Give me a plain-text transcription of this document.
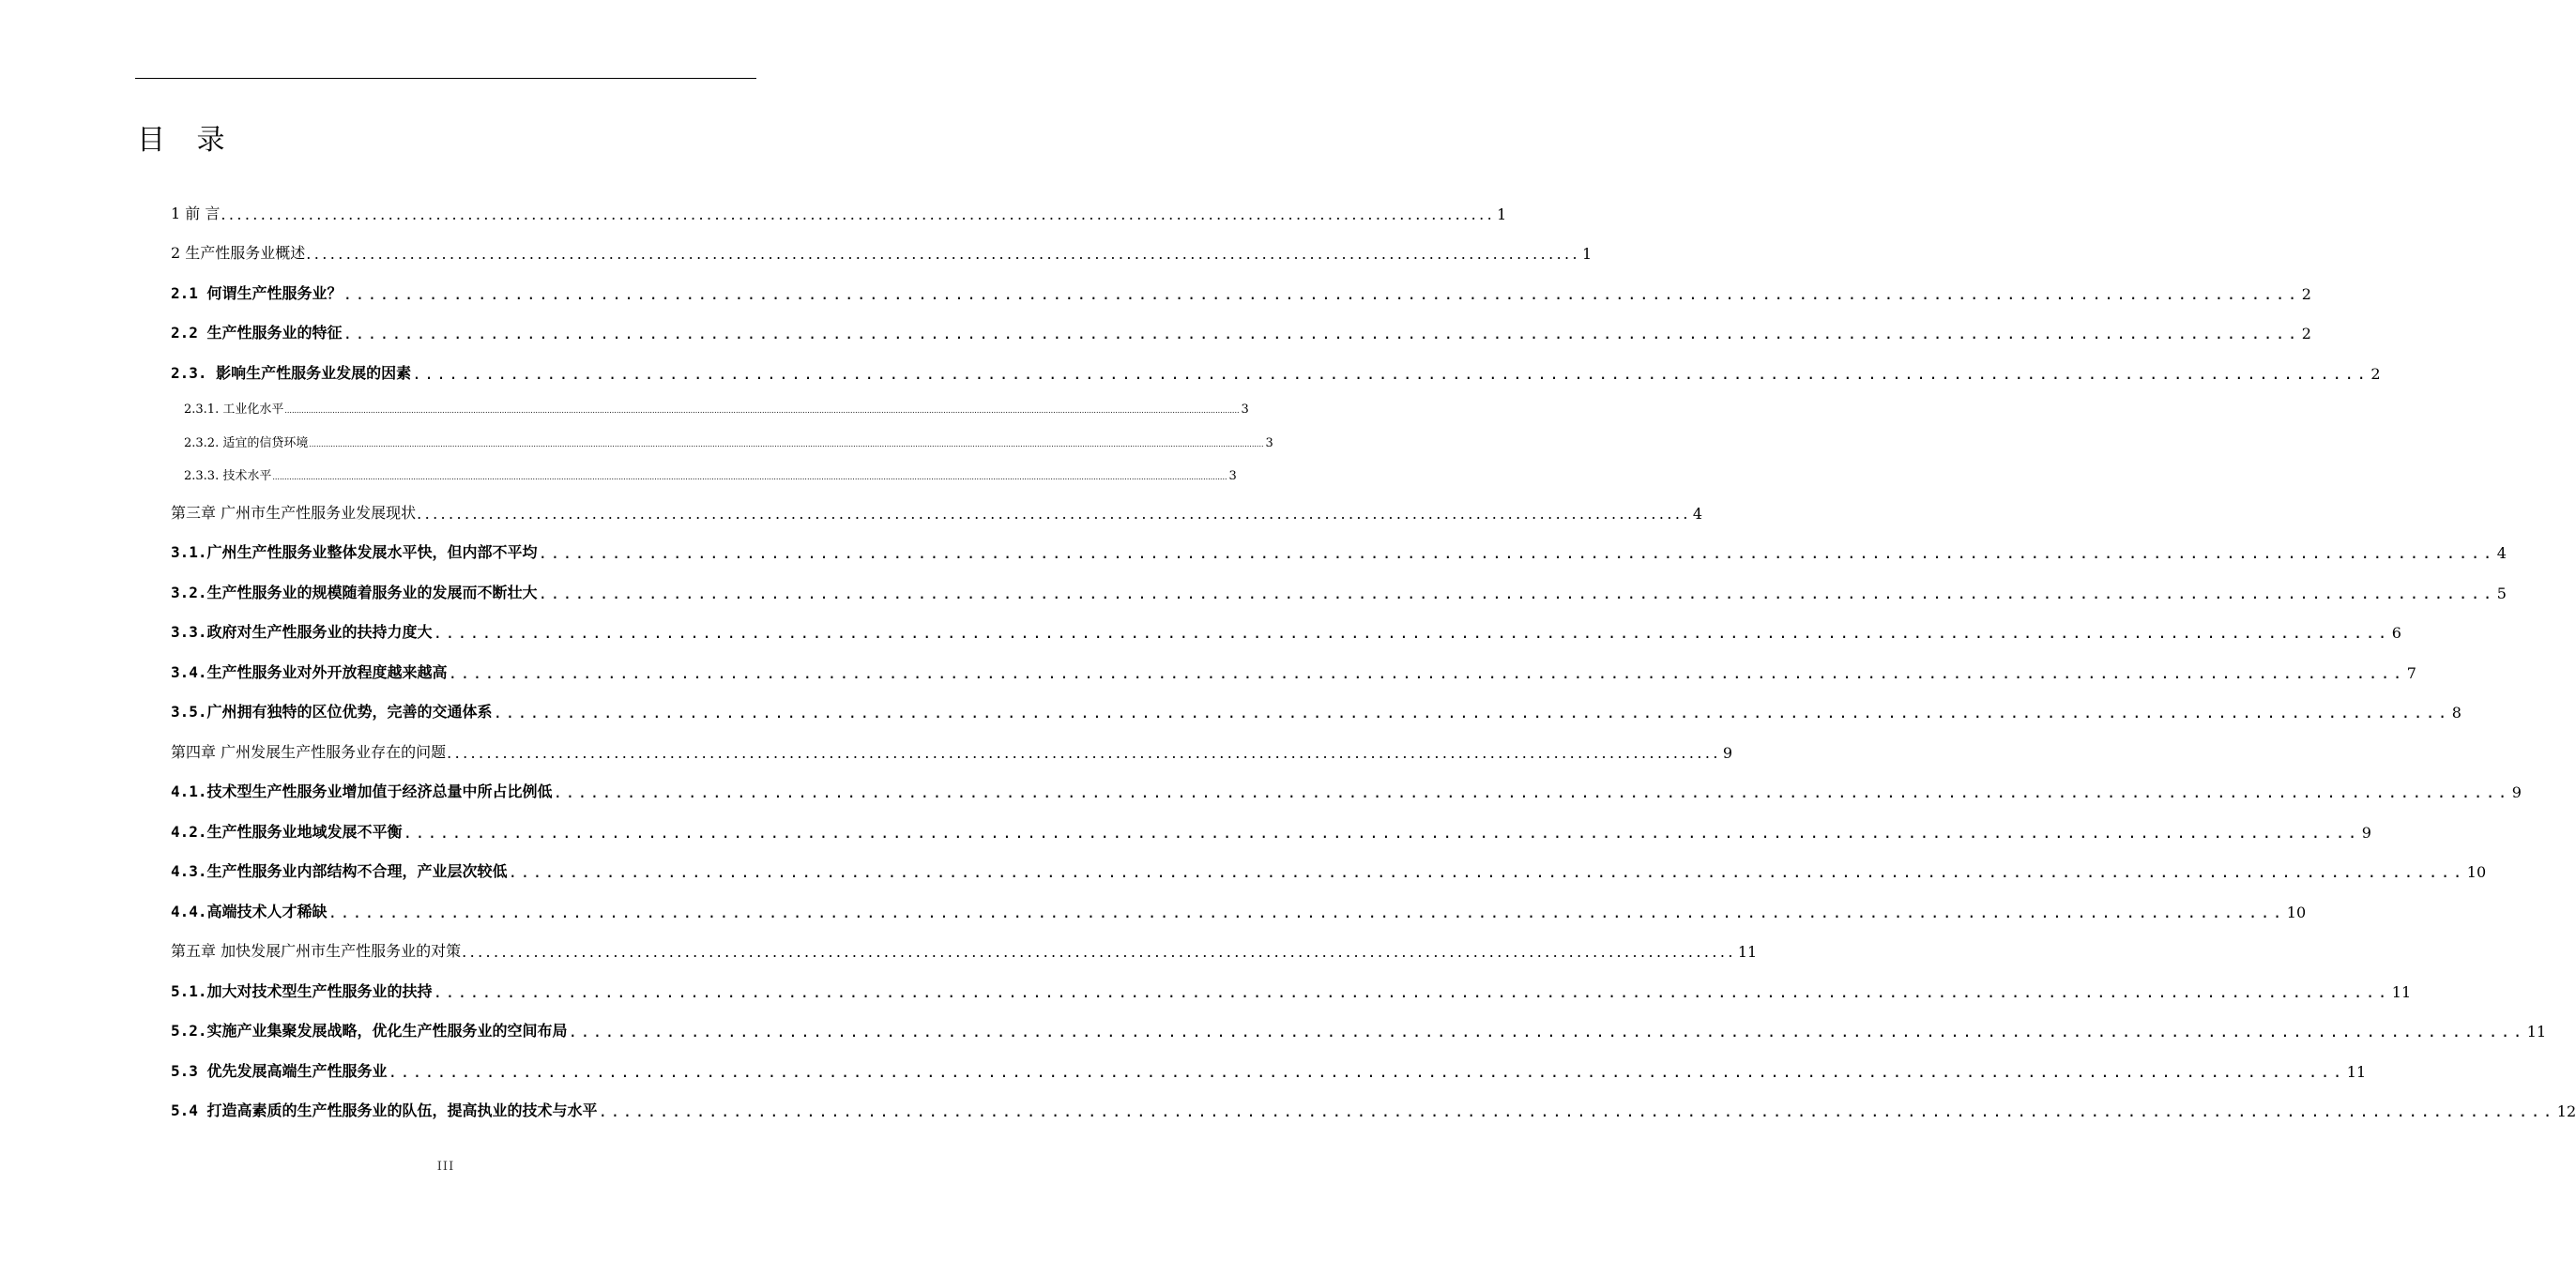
目 录
1 前 言 ................................................................................................................................................................ 1
2 生产性服务业概述 ................................................................................................................................................................ 1
2.1 何谓生产性服务业？ ................................................................................................................................................................ 2
2.2 生产性服务业的特征 ................................................................................................................................................................ 2
2.3. 影响生产性服务业发展的因素 ................................................................................................................................................................ 2
2.3.1. 工业化水平 ................................................................................................................................................................................................................................................................................................................................................................................................................ 3
2.3.2. 适宜的信贷环境 ................................................................................................................................................................................................................................................................................................................................................................................................................ 3
2.3.3. 技术水平 ................................................................................................................................................................................................................................................................................................................................................................................................................ 3
第三章 广州市生产性服务业发展现状 ................................................................................................................................................................ 4
3.1.广州生产性服务业整体发展水平快，但内部不平均 ................................................................................................................................................................ 4
3.2.生产性服务业的规模随着服务业的发展而不断壮大 ................................................................................................................................................................ 5
3.3.政府对生产性服务业的扶持力度大 ................................................................................................................................................................ 6
3.4.生产性服务业对外开放程度越来越高 ................................................................................................................................................................ 7
3.5.广州拥有独特的区位优势，完善的交通体系 ................................................................................................................................................................ 8
第四章 广州发展生产性服务业存在的问题 ................................................................................................................................................................ 9
4.1.技术型生产性服务业增加值于经济总量中所占比例低 ................................................................................................................................................................ 9
4.2.生产性服务业地域发展不平衡 ................................................................................................................................................................ 9
4.3.生产性服务业内部结构不合理，产业层次较低 ................................................................................................................................................................ 10
4.4.高端技术人才稀缺 ................................................................................................................................................................ 10
第五章 加快发展广州市生产性服务业的对策 ................................................................................................................................................................ 11
5.1.加大对技术型生产性服务业的扶持 ................................................................................................................................................................ 11
5.2.实施产业集聚发展战略，优化生产性服务业的空间布局 ................................................................................................................................................................ 11
5.3 优先发展高端生产性服务业 ................................................................................................................................................................ 11
5.4 打造高素质的生产性服务业的队伍，提高执业的技术与水平 ................................................................................................................................................................ 12
III
